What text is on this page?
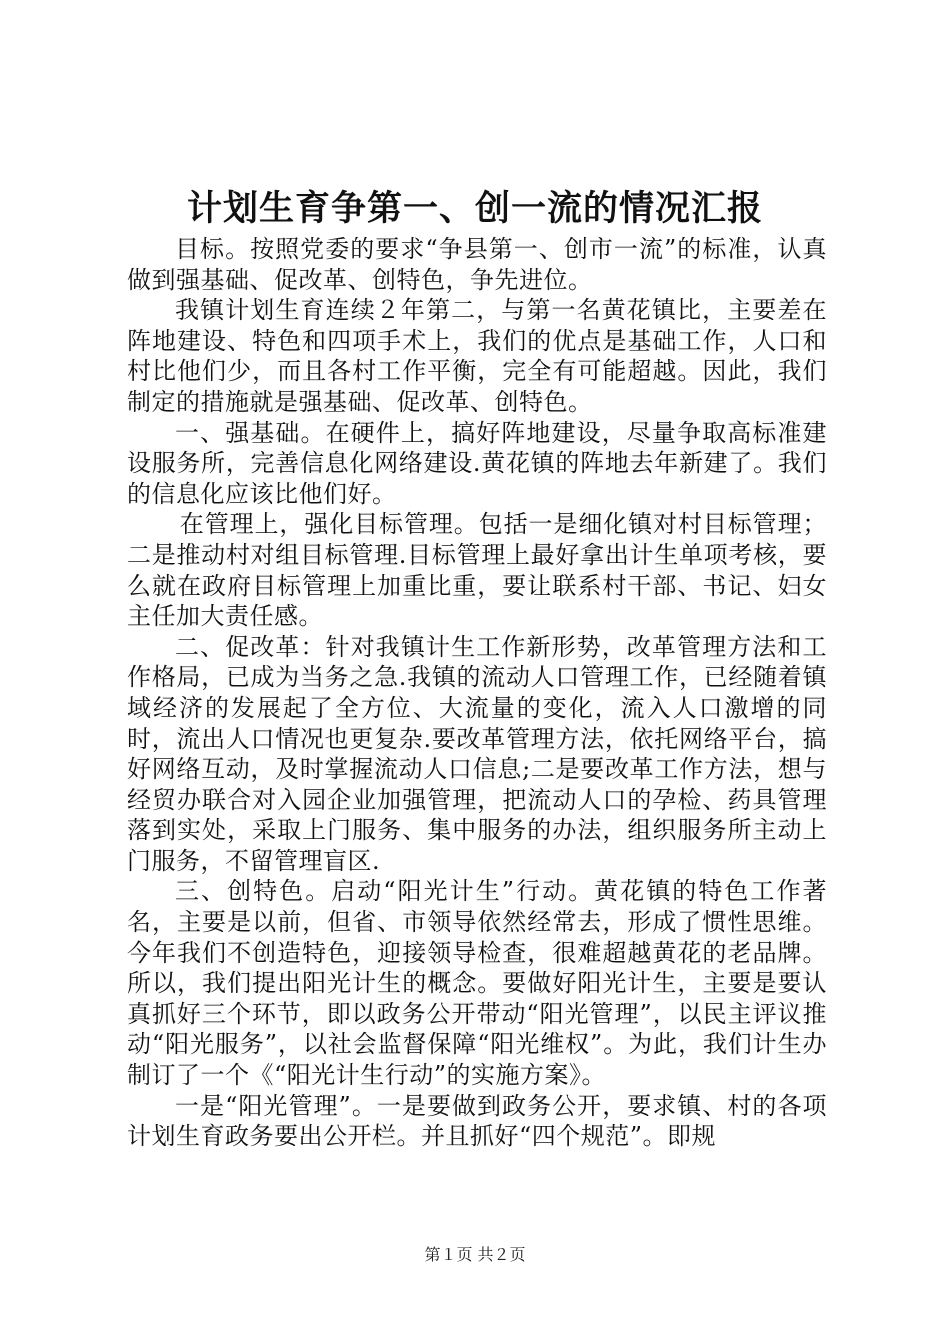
计划生育争第一、创一流的情况汇报

目标。按照党委的要求“争县第一、创市一流”的标准，认真做到强基础、促改革、创特色，争先进位。

我镇计划生育连续２年第二，与第一名黄花镇比，主要差在阵地建设、特色和四项手术上，我们的优点是基础工作，人口和村比他们少，而且各村工作平衡，完全有可能超越。因此，我们制定的措施就是强基础、促改革、创特色。

一、强基础。在硬件上，搞好阵地建设，尽量争取高标准建设服务所，完善信息化网络建设.黄花镇的阵地去年新建了。我们的信息化应该比他们好。

在管理上，强化目标管理。包括一是细化镇对村目标管理；二是推动村对组目标管理.目标管理上最好拿出计生单项考核，要么就在政府目标管理上加重比重，要让联系村干部、书记、妇女主任加大责任感。

二、促改革：针对我镇计生工作新形势，改革管理方法和工作格局，已成为当务之急.我镇的流动人口管理工作，已经随着镇域经济的发展起了全方位、大流量的变化，流入人口激增的同时，流出人口情况也更复杂.要改革管理方法，依托网络平台，搞好网络互动，及时掌握流动人口信息;二是要改革工作方法，想与经贸办联合对入园企业加强管理，把流动人口的孕检、药具管理落到实处，采取上门服务、集中服务的办法，组织服务所主动上门服务，不留管理盲区.

三、创特色。启动“阳光计生”行动。黄花镇的特色工作著名，主要是以前，但省、市领导依然经常去，形成了惯性思维。今年我们不创造特色，迎接领导检查，很难超越黄花的老品牌。所以，我们提出阳光计生的概念。要做好阳光计生，主要是要认真抓好三个环节，即以政务公开带动“阳光管理”，以民主评议推动“阳光服务”，以社会监督保障“阳光维权”。为此，我们计生办制订了一个《“阳光计生行动”的实施方案》。

一是“阳光管理”。一是要做到政务公开，要求镇、村的各项计划生育政务要出公开栏。并且抓好“四个规范”。即规

第１页 共２页
